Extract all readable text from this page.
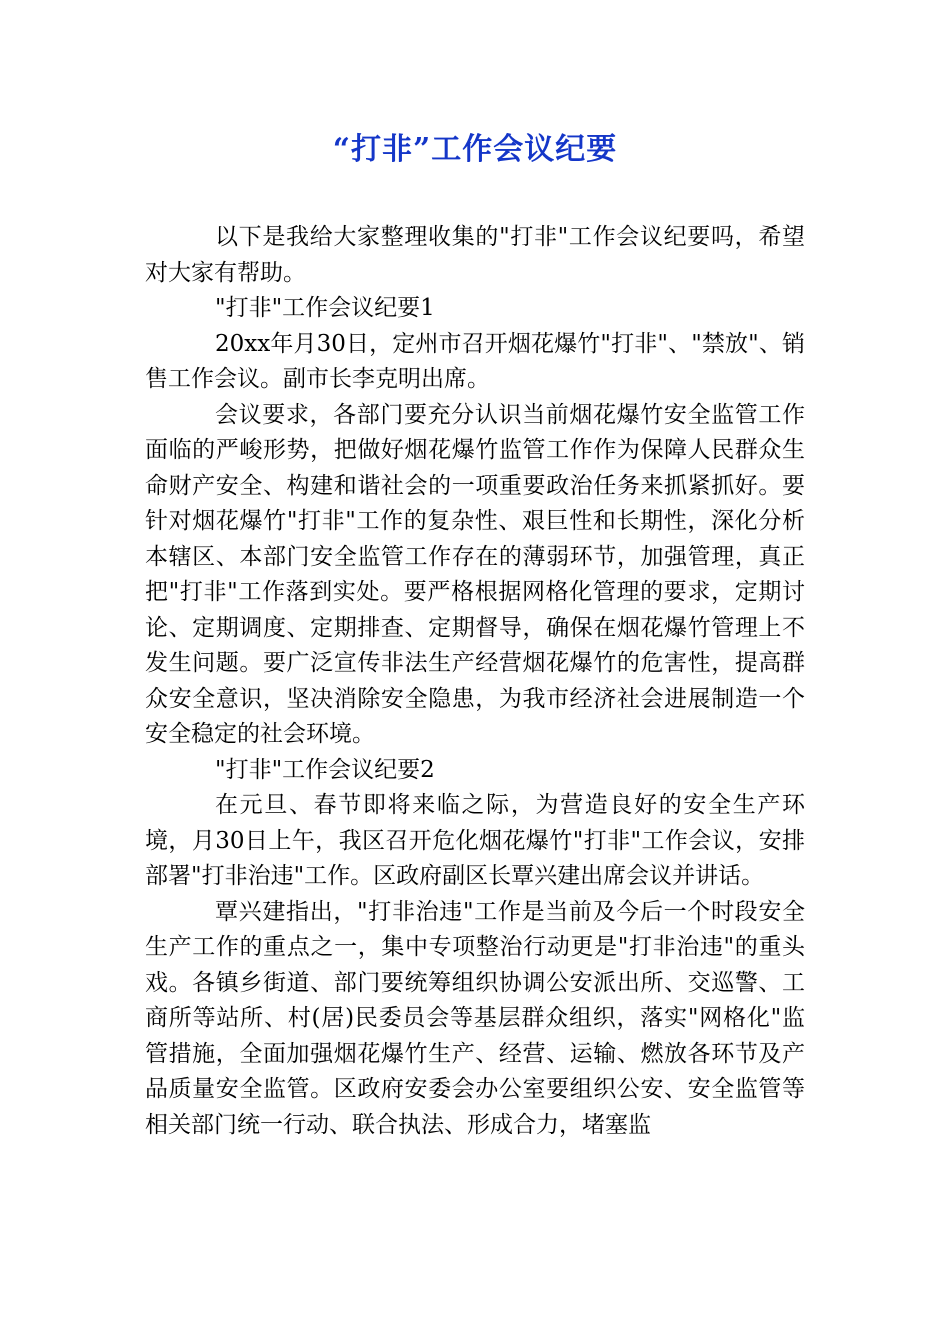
“打非”工作会议纪要

以下是我给大家整理收集的"打非"工作会议纪要吗，希望对大家有帮助。

"打非"工作会议纪要1

20xx年月30日，定州市召开烟花爆竹"打非"、"禁放"、销售工作会议。副市长李克明出席。

会议要求，各部门要充分认识当前烟花爆竹安全监管工作面临的严峻形势，把做好烟花爆竹监管工作作为保障人民群众生命财产安全、构建和谐社会的一项重要政治任务来抓紧抓好。要针对烟花爆竹"打非"工作的复杂性、艰巨性和长期性，深化分析本辖区、本部门安全监管工作存在的薄弱环节，加强管理，真正把"打非"工作落到实处。要严格根据网格化管理的要求，定期讨论、定期调度、定期排查、定期督导，确保在烟花爆竹管理上不发生问题。要广泛宣传非法生产经营烟花爆竹的危害性，提高群众安全意识，坚决消除安全隐患，为我市经济社会进展制造一个安全稳定的社会环境。

"打非"工作会议纪要2

在元旦、春节即将来临之际，为营造良好的安全生产环境，月30日上午，我区召开危化烟花爆竹"打非"工作会议，安排部署"打非治违"工作。区政府副区长覃兴建出席会议并讲话。

覃兴建指出，"打非治违"工作是当前及今后一个时段安全生产工作的重点之一，集中专项整治行动更是"打非治违"的重头戏。各镇乡街道、部门要统筹组织协调公安派出所、交巡警、工商所等站所、村(居)民委员会等基层群众组织，落实"网格化"监管措施，全面加强烟花爆竹生产、经营、运输、燃放各环节及产品质量安全监管。区政府安委会办公室要组织公安、安全监管等相关部门统一行动、联合执法、形成合力，堵塞监
